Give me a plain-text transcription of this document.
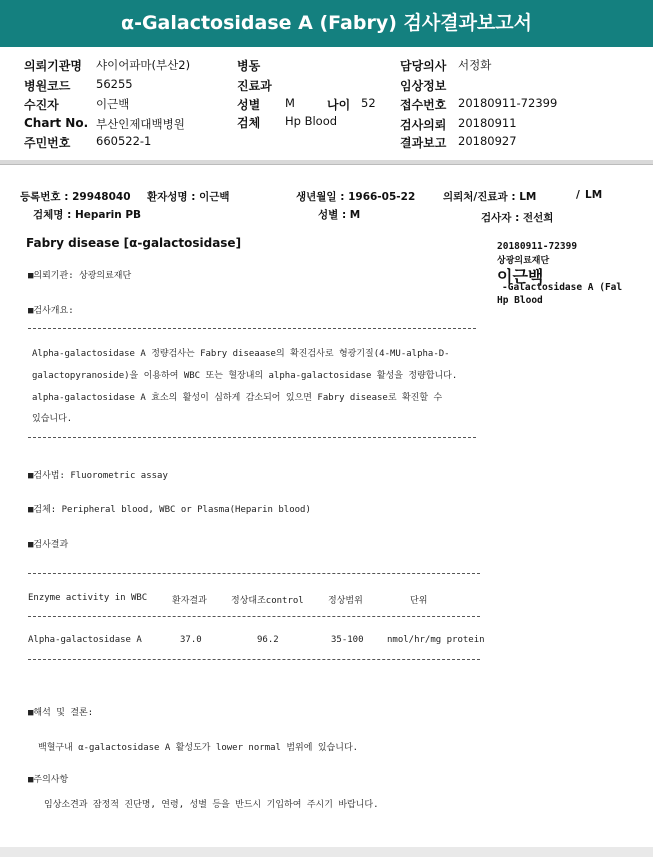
α-Galactosidase A (Fabry) 검사결과보고서
의뢰기관명 샤이어파마(부산2)
병원코드 56255
수진자	이근백
Chart No. 부산인제대백병원
주민번호 660522-1
병동
진료과
성별 M	나이 52
검체 Hp Blood
담당의사 서정화
임상정보
접수번호 20180911-72399
검사의뢰 20180911
결과보고 20180927
등록번호 : 29948040 환자성명 : 이근백	생년월일 : 1966-05-22	의뢰처/진료과 : LM	/ LM
검체명 : Heparin PB	성별 : M	검사자 : 전선희
Fabry disease [α-galactosidase]	20180911-72399
상광의료재단
이근백
-Galactosidase A (Fal
Hp Blood
■의뢰기관: 상광의료재단
■검사개요:
Alpha-galactosidase A 정량검사는 Fabry diseaase의 확진검사로 형광기질(4-MU-alpha-D-
galactopyranoside)을 이용하여 WBC 또는 혈장내의 alpha-galactosidase 활성을 정량합니다.
alpha-galactosidase A 효소의 활성이 심하게 감소되어 있으면 Fabry disease로 확진할 수
있습니다.
■검사법: Fluorometric assay
■검체: Peripheral blood, WBC or Plasma(Heparin blood)
■검사결과
Enzyme activity in WBC	환자결과	정상대조control	정상범위	단위
Alpha-galactosidase A	37.0	96.2	35-100	nmol/hr/mg protein
■해석 및 결론:
백혈구내 α-galactosidase A 활성도가 lower normal 범위에 있습니다.
■주의사항
임상소견과 잠정적 진단명, 연령, 성별 등을 반드시 기입하여 주시기 바랍니다.
